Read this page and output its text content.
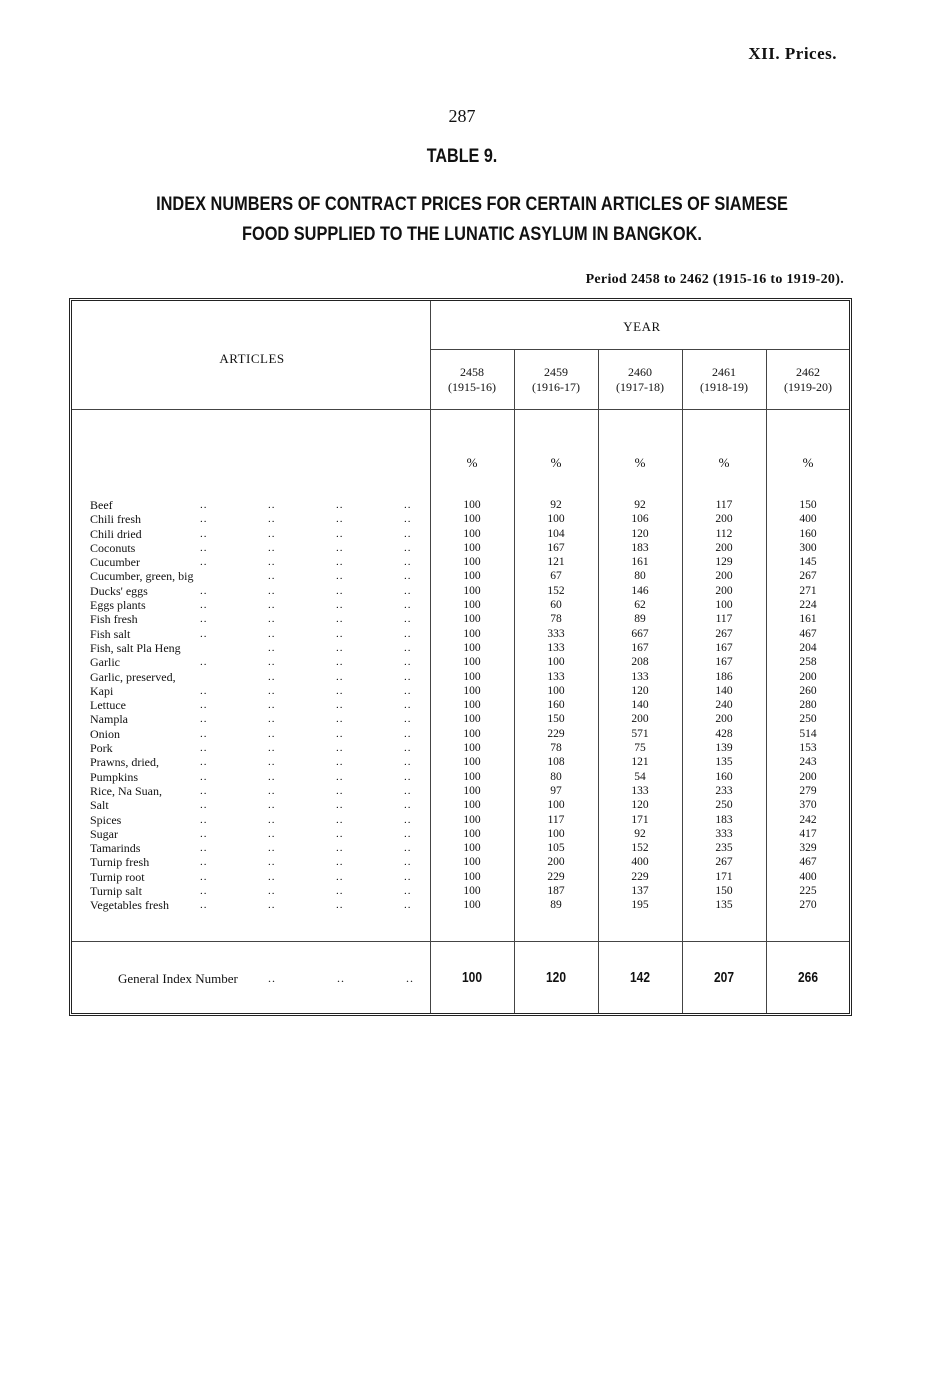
XII. Prices.
287
TABLE 9.
INDEX NUMBERS OF CONTRACT PRICES FOR CERTAIN ARTICLES OF SIAMESE
FOOD SUPPLIED TO THE LUNATIC ASYLUM IN BANGKOK.
Period 2458 to 2462 (1915-16 to 1919-20).
ARTICLES
YEAR
2458
(1915-16)
2459
(1916-17)
2460
(1917-18)
2461
(1918-19)
2462
(1919-20)
%	%	%	%	%
Beef	..	..	..	..	100	92	92	117	150
Chili fresh	..	..	..	..	100	100	106	200	400
Chili dried	..	..	..	..	100	104	120	112	160
Coconuts	..	..	..	..	100	167	183	200	300
Cucumber	..	..	..	..	100	121	161	129	145
Cucumber, green, big	..	..	..	100	67	80	200	267
Ducks' eggs	..	..	..	..	100	152	146	200	271
Eggs plants	..	..	..	..	100	60	62	100	224
Fish fresh	..	..	..	..	100	78	89	117	161
Fish salt	..	..	..	..	100	333	667	267	467
Fish, salt Pla Heng	..	..	..	100	133	167	167	204
Garlic	..	..	..	..	100	100	208	167	258
Garlic, preserved,	..	..	..	100	133	133	186	200
Kapi	..	..	..	..	100	100	120	140	260
Lettuce	..	..	..	..	100	160	140	240	280
Nampla	..	..	..	..	100	150	200	200	250
Onion	..	..	..	..	100	229	571	428	514
Pork	..	..	..	..	100	78	75	139	153
Prawns, dried,	..	..	..	..	100	108	121	135	243
Pumpkins	..	..	..	..	100	80	54	160	200
Rice, Na Suan,	..	..	..	..	100	97	133	233	279
Salt	..	..	..	..	100	100	120	250	370
Spices	..	..	..	..	100	117	171	183	242
Sugar	..	..	..	..	100	100	92	333	417
Tamarinds	..	..	..	..	100	105	152	235	329
Turnip fresh	..	..	..	..	100	200	400	267	467
Turnip root	..	..	..	..	100	229	229	171	400
Turnip salt	..	..	..	..	100	187	137	150	225
Vegetables fresh	..	..	..	..	100	89	195	135	270
General Index Number	..	..	..	100	120	142	207	266
